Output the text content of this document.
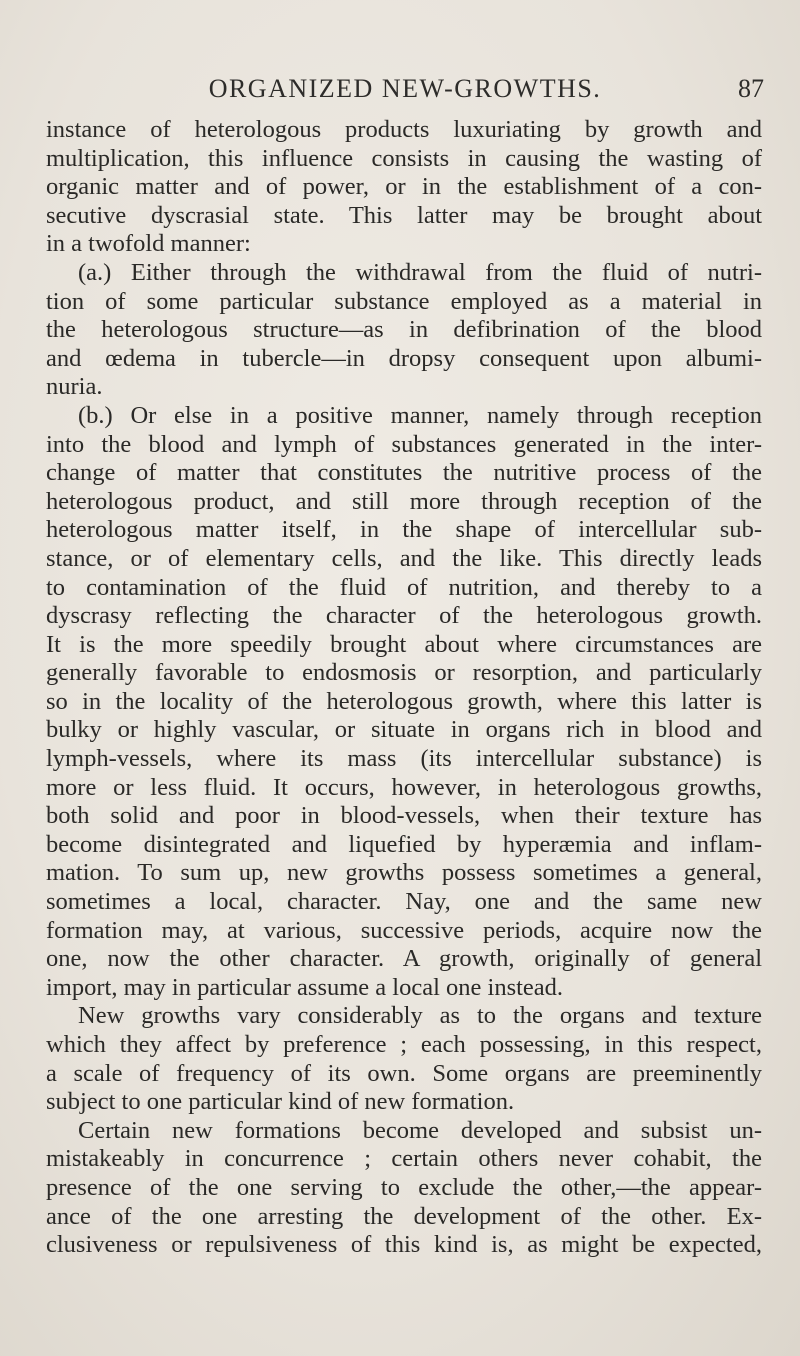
ORGANIZED NEW-GROWTHS.	87
instance of heterologous products luxuriating by growth and
multiplication, this influence consists in causing the wasting of
organic matter and of power, or in the establishment of a con-
secutive dyscrasial state. This latter may be brought about
in a twofold manner:
(a.) Either through the withdrawal from the fluid of nutri-
tion of some particular substance employed as a material in
the heterologous structure—as in defibrination of the blood
and œdema in tubercle—in dropsy consequent upon albumi-
nuria.
(b.) Or else in a positive manner, namely through reception
into the blood and lymph of substances generated in the inter-
change of matter that constitutes the nutritive process of the
heterologous product, and still more through reception of the
heterologous matter itself, in the shape of intercellular sub-
stance, or of elementary cells, and the like. This directly leads
to contamination of the fluid of nutrition, and thereby to a
dyscrasy reflecting the character of the heterologous growth.
It is the more speedily brought about where circumstances are
generally favorable to endosmosis or resorption, and particularly
so in the locality of the heterologous growth, where this latter is
bulky or highly vascular, or situate in organs rich in blood and
lymph-vessels, where its mass (its intercellular substance) is
more or less fluid. It occurs, however, in heterologous growths,
both solid and poor in blood-vessels, when their texture has
become disintegrated and liquefied by hyperæmia and inflam-
mation. To sum up, new growths possess sometimes a general,
sometimes a local, character. Nay, one and the same new
formation may, at various, successive periods, acquire now the
one, now the other character. A growth, originally of general
import, may in particular assume a local one instead.
New growths vary considerably as to the organs and texture
which they affect by preference ; each possessing, in this respect,
a scale of frequency of its own. Some organs are preeminently
subject to one particular kind of new formation.
Certain new formations become developed and subsist un-
mistakeably in concurrence ; certain others never cohabit, the
presence of the one serving to exclude the other,—the appear-
ance of the one arresting the development of the other. Ex-
clusiveness or repulsiveness of this kind is, as might be expected,
